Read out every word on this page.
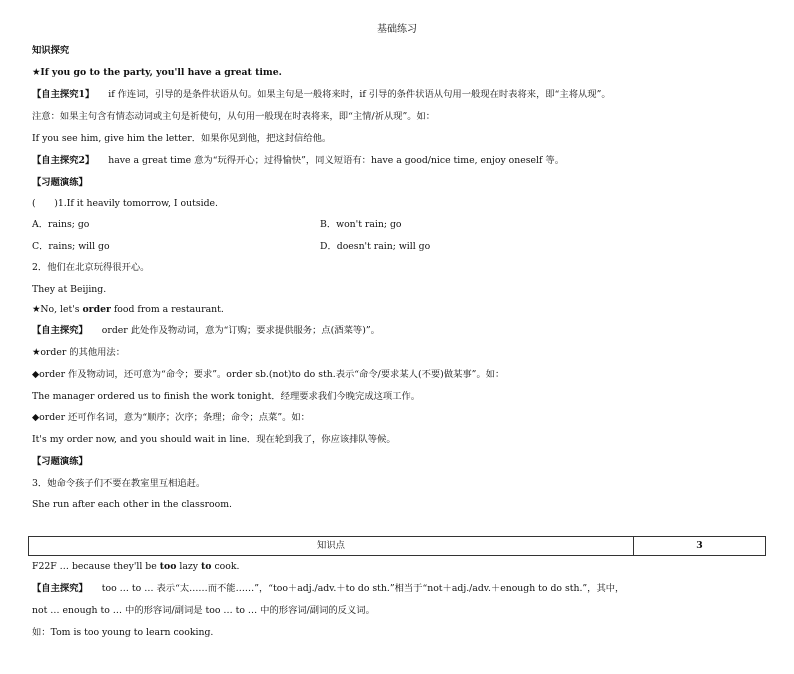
基础练习
知识探究
★If you go to the party, you'll have a great time.
【自主探究1】 if 作连词，引导的是条件状语从句。如果主句是一般将来时，if 引导的条件状语从句用一般现在时表将来，即“主将从现”。
注意：如果主句含有情态动词或主句是祈使句，从句用一般现在时表将来，即“主情/祈从现”。如：
If you see him, give him the letter．如果你见到他，把这封信给他。
【自主探究2】 have a great time 意为“玩得开心；过得愉快”，同义短语有：have a good/nice time, enjoy oneself 等。
【习题演练】
(　　)1.If it heavily tomorrow, I outside.
A．rains; go	B．won't rain; go
C．rains; will go	D．doesn't rain; will go
2．他们在北京玩得很开心。
They at Beijing.
★No, let's order food from a restaurant.
【自主探究】 order 此处作及物动词，意为“订购；要求提供服务；点(酒菜等)”。
★order 的其他用法：
◆order 作及物动词，还可意为“命令；要求”。order sb.(not)to do sth.表示“命令/要求某人(不要)做某事”。如：
The manager ordered us to finish the work tonight．经理要求我们今晚完成这项工作。
◆order 还可作名词，意为“顺序；次序；条理；命令；点菜”。如：
It's my order now, and you should wait in line．现在轮到我了，你应该排队等候。
【习题演练】
3．她命令孩子们不要在教室里互相追赶。
She run after each other in the classroom.
知识点	3
F22F … because they'll be too lazy to cook.
【自主探究】 too … to … 表示“太……而不能……”，“too＋adj./adv.＋to do sth.”相当于“not＋adj./adv.＋enough to do sth.”，其中，
not … enough to … 中的形容词/副词是 too … to … 中的形容词/副词的反义词。
如：Tom is too young to learn cooking.
